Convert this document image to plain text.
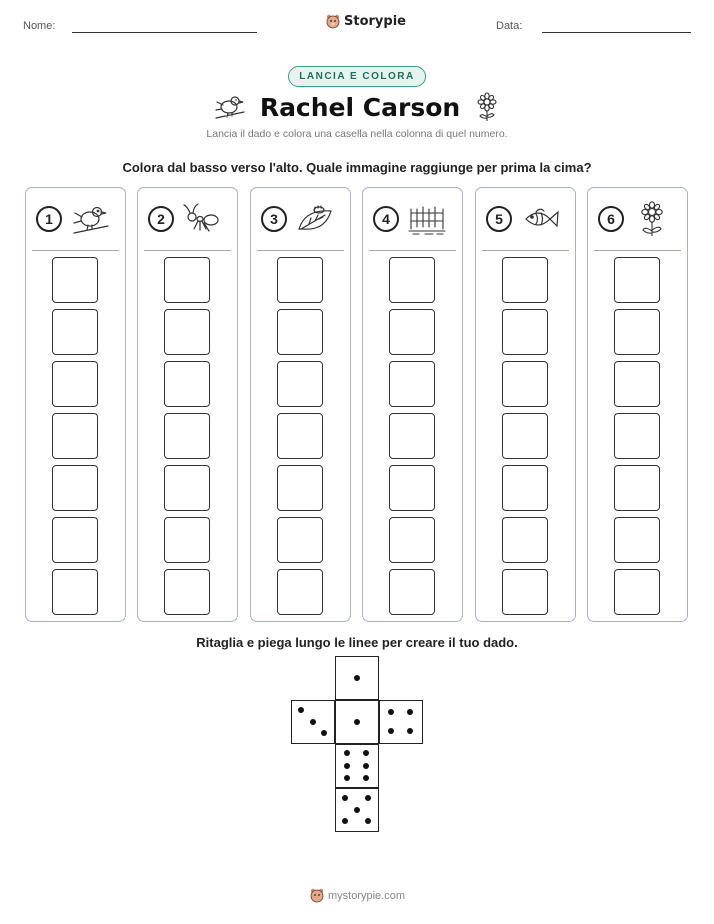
Nome:	Storypie	Data:
LANCIA E COLORA
Rachel Carson
Lancia il dado e colora una casella nella colonna di quel numero.
Colora dal basso verso l'alto. Quale immagine raggiunge per prima la cima?
1	2	3	4	5	6
Ritaglia e piega lungo le linee per creare il tuo dado.
mystorypie.com
